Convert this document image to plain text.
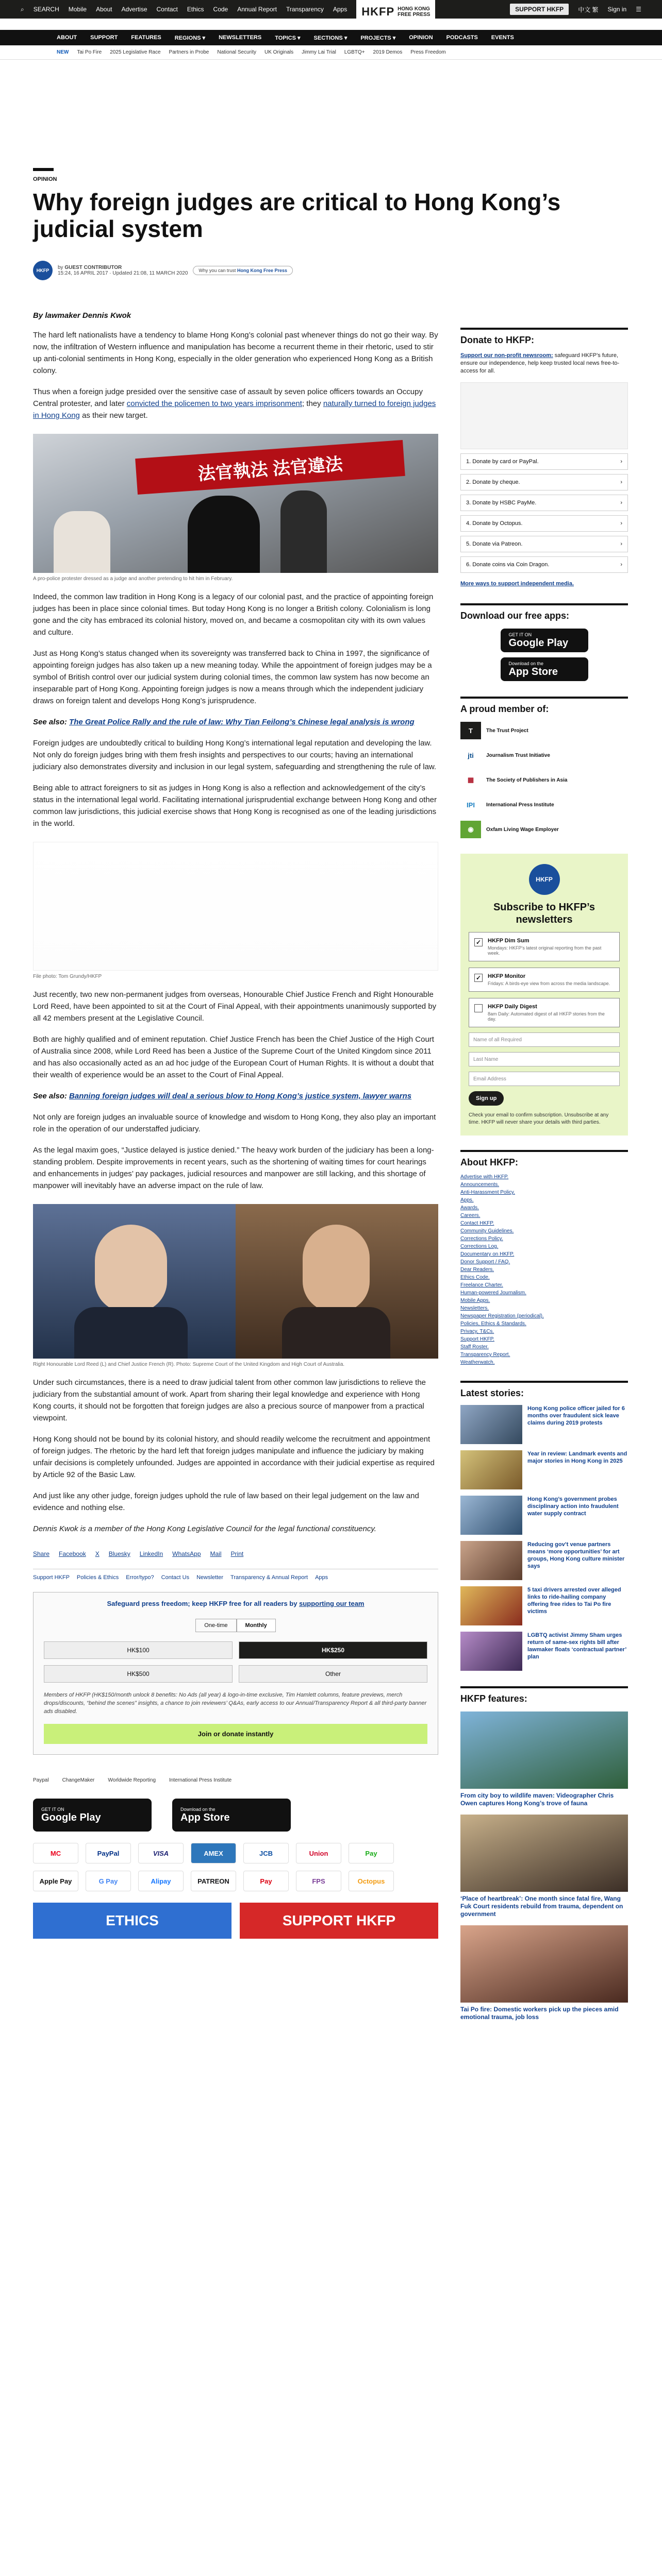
⌕ SEARCH Mobile About Advertise Contact Ethics Code Annual Report Transparency Apps HKFP HONG KONG
FREE PRESS
SUPPORT HKFP	中文 繁 Sign in ☰
ABOUT SUPPORT FEATURES REGIONS ▾ NEWSLETTERS TOPICS ▾ SECTIONS ▾ PROJECTS ▾ OPINION PODCASTS EVENTS
NEW Tai Po Fire 2025 Legislative Race Partners in Probe National Security UK Originals Jimmy Lai Trial LGBTQ+ 2019 Demos Press Freedom
OPINION
Why foreign judges are critical to Hong Kong’s judicial system
HKFP	by GUEST CONTRIBUTOR
15:24, 16 APRIL 2017 · Updated 21:08, 11 MARCH 2020	Why you can trust Hong Kong Free Press
By lawmaker Dennis Kwok

The hard left nationalists have a tendency to blame Hong Kong’s colonial past whenever things do not go their way. By now, the infiltration of Western influence and manipulation has become a recurrent theme in their rhetoric, used to stir up anti-colonial sentiments in Hong Kong, especially in the older generation who experienced Hong Kong as a British colony.

Thus when a foreign judge presided over the sensitive case of assault by seven police officers towards an Occupy Central protester, and later convicted the policemen to two years imprisonment; they naturally turned to foreign judges in Hong Kong as their new target.

法官執法 法官違法
A pro-police protester dressed as a judge and another pretending to hit him in February.

Indeed, the common law tradition in Hong Kong is a legacy of our colonial past, and the practice of appointing foreign judges has been in place since colonial times. But today Hong Kong is no longer a British colony. Colonialism is long gone and the city has embraced its colonial history, moved on, and became a cosmopolitan city with its own values and culture.

Just as Hong Kong’s status changed when its sovereignty was transferred back to China in 1997, the significance of appointing foreign judges has also taken up a new meaning today. While the appointment of foreign judges may be a symbol of British control over our judicial system during colonial times, the common law system has now become an inseparable part of Hong Kong. Appointing foreign judges is now a means through which the independent judiciary draws on foreign talent and develops Hong Kong’s jurisprudence.

See also: The Great Police Rally and the rule of law: Why Tian Feilong’s Chinese legal analysis is wrong

Foreign judges are undoubtedly critical to building Hong Kong’s international legal reputation and developing the law. Not only do foreign judges bring with them fresh insights and perspectives to our courts; having an international judiciary also demonstrates diversity and inclusion in our legal system, safeguarding and strengthening the rule of law.

Being able to attract foreigners to sit as judges in Hong Kong is also a reflection and acknowledgement of the city’s status in the international legal world. Facilitating international jurisprudential exchange between Hong Kong and other common law jurisdictions, this judicial exercise shows that Hong Kong is recognised as one of the leading jurisdictions in the world.

File photo: Tom Grundy/HKFP

Just recently, two new non-permanent judges from overseas, Honourable Chief Justice French and Right Honourable Lord Reed, have been appointed to sit at the Court of Final Appeal, with their appointments unanimously supported by all 42 members present at the Legislative Council.

Both are highly qualified and of eminent reputation. Chief Justice French has been the Chief Justice of the High Court of Australia since 2008, while Lord Reed has been a Justice of the Supreme Court of the United Kingdom since 2011 and has also occasionally acted as an ad hoc judge of the European Court of Human Rights. It is without a doubt that their wealth of experience would be an asset to the Court of Final Appeal.

See also: Banning foreign judges will deal a serious blow to Hong Kong’s justice system, lawyer warns

Not only are foreign judges an invaluable source of knowledge and wisdom to Hong Kong, they also play an important role in the operation of our understaffed judiciary.

As the legal maxim goes, “Justice delayed is justice denied.” The heavy work burden of the judiciary has been a long-standing problem. Despite improvements in recent years, such as the shortening of waiting times for court hearings and enhancements in judges’ pay packages, judicial resources and manpower are still lacking, and this shortage of manpower will inevitably have an adverse impact on the rule of law.

Right Honourable Lord Reed (L) and Chief Justice French (R). Photo: Supreme Court of the United Kingdom and High Court of Australia.

Under such circumstances, there is a need to draw judicial talent from other common law jurisdictions to relieve the judiciary from the substantial amount of work. Apart from sharing their legal knowledge and experience with Hong Kong courts, it should not be forgotten that foreign judges are also a precious source of manpower from a practical viewpoint.

Hong Kong should not be bound by its colonial history, and should readily welcome the recruitment and appointment of foreign judges. The rhetoric by the hard left that foreign judges manipulate and influence the judiciary by making unfair decisions is completely unfounded. Judges are appointed in accordance with their judicial expertise as required by Article 92 of the Basic Law.

And just like any other judge, foreign judges uphold the rule of law based on their legal judgement on the law and evidence and nothing else.

Dennis Kwok is a member of the Hong Kong Legislative Council for the legal functional constituency.

Share Facebook X Bluesky LinkedIn WhatsApp Mail Print
Support HKFP Policies & Ethics Error/typo? Contact Us Newsletter Transparency & Annual Report Apps
Safeguard press freedom; keep HKFP free for all readers by supporting our team
One-time	Monthly
HK$100	HK$250
HK$500	Other
Members of HKFP (HK$150/month unlock 8 benefits: No Ads (all year) & logo-in-time exclusive, Tim Hamlett columns, feature previews, merch drops/discounts, “behind the scenes” insights, a chance to join reviewers’ Q&As, early access to our Annual/Transparency Report & all third-party banner ads disabled.
Join or donate instantly
Paypal	ChangeMaker	Worldwide Reporting	International Press Institute
GET IT ON
Google Play
Download on the
App Store
MC	PayPal	VISA	AMEX	JCB	Union	Pay
Apple Pay	G Pay	Alipay	PATREON	Pay	FPS	Octopus
ETHICS	SUPPORT HKFP
Donate to HKFP:
Support our non-profit newsroom: safeguard HKFP’s future, ensure our independence, help keep trusted local news free-to-access for all.
1. Donate by card or PayPal.	›
2. Donate by cheque.	›
3. Donate by HSBC PayMe.	›
4. Donate by Octopus.	›
5. Donate via Patreon.	›
6. Donate coins via Coin Dragon.	›
More ways to support independent media.
Download our free apps:
GET IT ON
Google Play
Download on the
App Store
A proud member of:
T	The Trust Project
jti	Journalism Trust Initiative
▦	The Society of Publishers in Asia
IPI	International Press Institute
◉	Oxfam Living Wage Employer
HKFP
Subscribe to HKFP’s newsletters
✓ HKFP Dim Sum
Mondays: HKFP’s latest original reporting from the past week.
✓ HKFP Monitor
Fridays: A birds-eye view from across the media landscape.
HKFP Daily Digest
8am Daily: Automated digest of all HKFP stories from the day.
Name of all Required
Last Name
Email Address
Sign up
Check your email to confirm subscription. Unsubscribe at any time. HKFP will never share your details with third parties.
About HKFP:
Advertise with HKFP.
Announcements.
Anti-Harassment Policy.
Apps.
Awards.
Careers.
Contact HKFP.
Community Guidelines.
Corrections Policy.
Corrections Log.
Documentary on HKFP.
Donor Support / FAQ.
Dear Readers.
Ethics Code.
Freelance Charter.
Human-powered Journalism.
Mobile Apps.
Newsletters.
Newspaper Registration (periodical).
Policies, Ethics & Standards.
Privacy, T&Cs.
Support HKFP.
Staff Roster.
Transparency Report.
Weatherwatch.
Latest stories:
Hong Kong police officer jailed for 6 months over fraudulent sick leave claims during 2019 protests
Year in review: Landmark events and major stories in Hong Kong in 2025
Hong Kong’s government probes disciplinary action into fraudulent water supply contract
Reducing gov’t venue partners means ‘more opportunities’ for art groups, Hong Kong culture minister says
5 taxi drivers arrested over alleged links to ride-hailing company offering free rides to Tai Po fire victims
LGBTQ activist Jimmy Sham urges return of same-sex rights bill after lawmaker floats ‘contractual partner’ plan
HKFP features:
From city boy to wildlife maven: Videographer Chris Owen captures Hong Kong’s trove of fauna
‘Place of heartbreak’: One month since fatal fire, Wang Fuk Court residents rebuild from trauma, dependent on government
Tai Po fire: Domestic workers pick up the pieces amid emotional trauma, job loss
